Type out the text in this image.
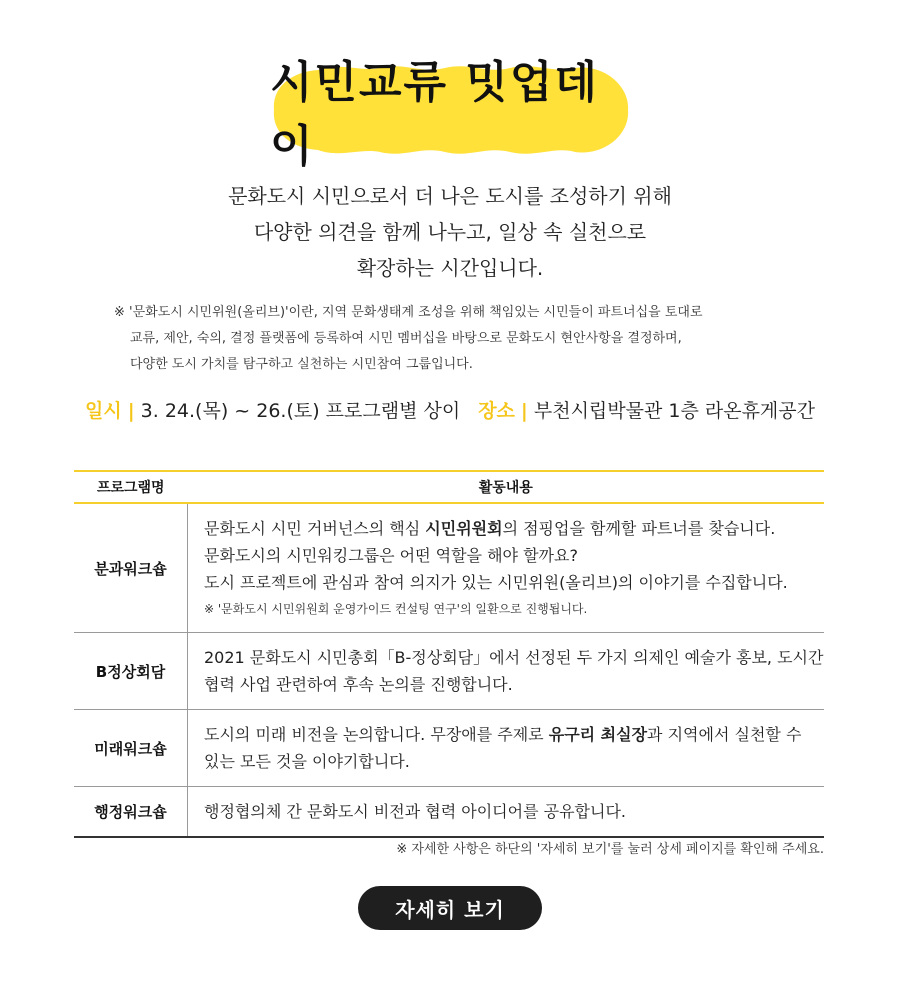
시민교류 밋업데이
문화도시 시민으로서 더 나은 도시를 조성하기 위해
다양한 의견을 함께 나누고, 일상 속 실천으로
확장하는 시간입니다.
※ '문화도시 시민위원(올리브)'이란, 지역 문화생태계 조성을 위해 책임있는 시민들이 파트너십을 토대로
교류, 제안, 숙의, 결정 플랫폼에 등록하여 시민 멤버십을 바탕으로 문화도시 현안사항을 결정하며,
다양한 도시 가치를 탐구하고 실천하는 시민참여 그룹입니다.
일시 | 3. 24.(목) ~ 26.(토) 프로그램별 상이 장소 | 부천시립박물관 1층 라온휴게공간
프로그램명	활동내용
분과워크숍	문화도시 시민 거버넌스의 핵심 시민위원회의 점핑업을 함께할 파트너를 찾습니다.
문화도시의 시민워킹그룹은 어떤 역할을 해야 할까요?
도시 프로젝트에 관심과 참여 의지가 있는 시민위원(올리브)의 이야기를 수집합니다.
※ '문화도시 시민위원회 운영가이드 컨설팅 연구'의 일환으로 진행됩니다.

B정상회담	2021 문화도시 시민총회「B-정상회담」에서 선정된 두 가지 의제인 예술가 홍보, 도시간
협력 사업 관련하여 후속 논의를 진행합니다.

미래워크숍	도시의 미래 비전을 논의합니다. 무장애를 주제로 유구리 최실장과 지역에서 실천할 수
있는 모든 것을 이야기합니다.

행정워크숍	행정협의체 간 문화도시 비전과 협력 아이디어를 공유합니다.
※ 자세한 사항은 하단의 '자세히 보기'를 눌러 상세 페이지를 확인해 주세요.
자세히 보기
